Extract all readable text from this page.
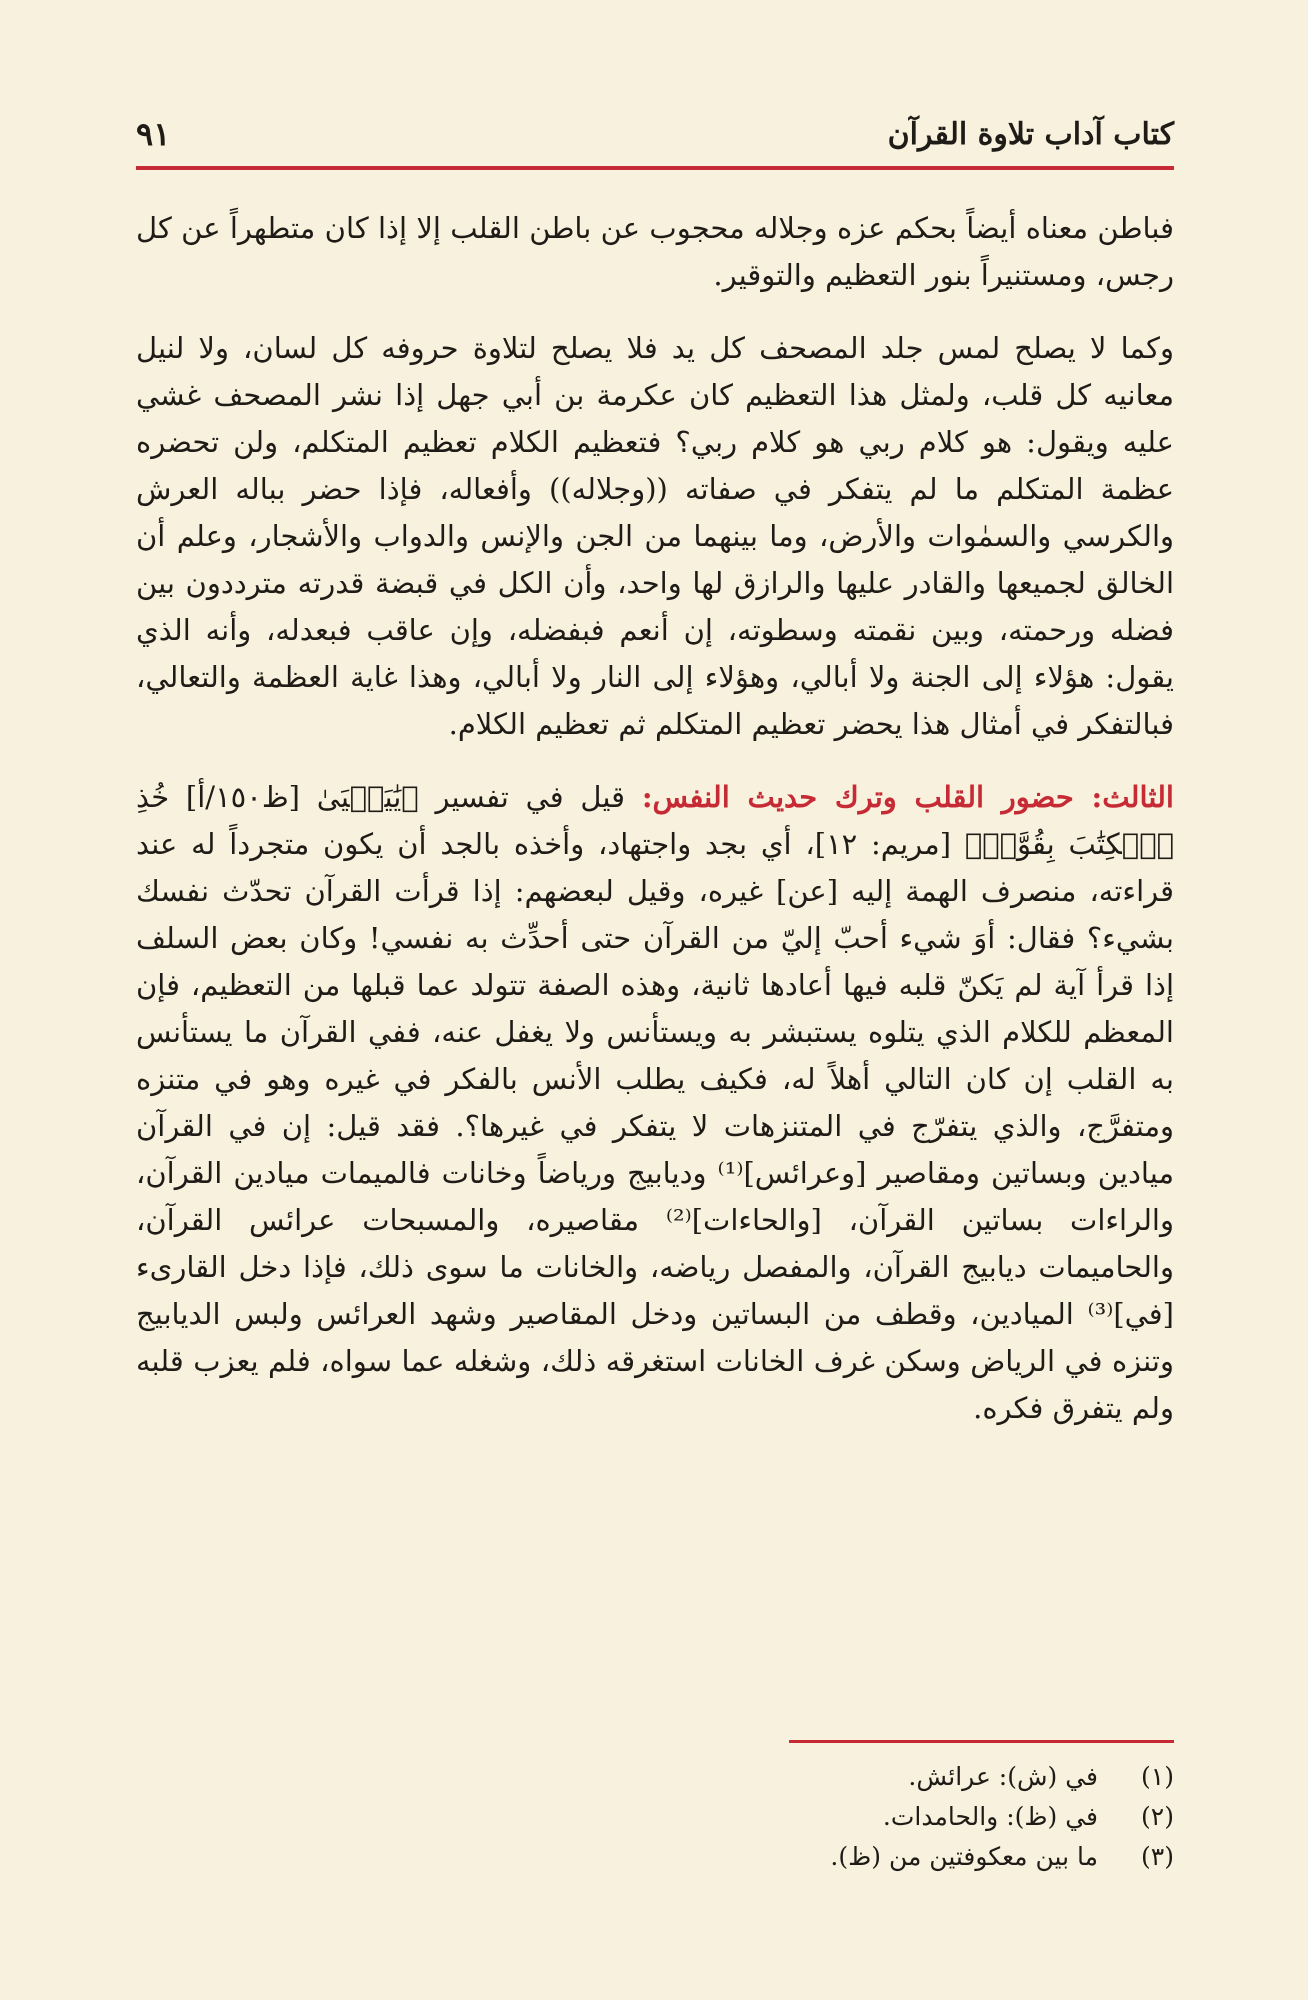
كتاب آداب تلاوة القرآن
٩١

فباطن معناه أيضاً بحكم عزه وجلاله محجوب عن باطن القلب إلا إذا كان متطهراً عن كل رجس، ومستنيراً بنور التعظيم والتوقير.

وكما لا يصلح لمس جلد المصحف كل يد فلا يصلح لتلاوة حروفه كل لسان، ولا لنيل معانيه كل قلب، ولمثل هذا التعظيم كان عكرمة بن أبي جهل إذا نشر المصحف غشي عليه ويقول: هو كلام ربي هو كلام ربي؟ فتعظيم الكلام تعظيم المتكلم، ولن تحضره عظمة المتكلم ما لم يتفكر في صفاته ((وجلاله)) وأفعاله، فإذا حضر بباله العرش والكرسي والسمٰوات والأرض، وما بينهما من الجن والإنس والدواب والأشجار، وعلم أن الخالق لجميعها والقادر عليها والرازق لها واحد، وأن الكل في قبضة قدرته مترددون بين فضله ورحمته، وبين نقمته وسطوته، إن أنعم فبفضله، وإن عاقب فبعدله، وأنه الذي يقول: هؤلاء إلى الجنة ولا أبالي، وهؤلاء إلى النار ولا أبالي، وهذا غاية العظمة والتعالي، فبالتفكر في أمثال هذا يحضر تعظيم المتكلم ثم تعظيم الكلام.

الثالث: حضور القلب وترك حديث النفس: قيل في تفسير ﴿يَٰيَحۡيَىٰ [ظ١٥٠/أ] خُذِ ٱلۡكِتَٰبَ بِقُوَّةٖ﴾ [مريم: ١٢]، أي بجد واجتهاد، وأخذه بالجد أن يكون متجرداً له عند قراءته، منصرف الهمة إليه [عن] غيره، وقيل لبعضهم: إذا قرأت القرآن تحدّث نفسك بشيء؟ فقال: أوَ شيء أحبّ إليّ من القرآن حتى أحدِّث به نفسي! وكان بعض السلف إذا قرأ آية لم يَكنّ قلبه فيها أعادها ثانية، وهذه الصفة تتولد عما قبلها من التعظيم، فإن المعظم للكلام الذي يتلوه يستبشر به ويستأنس ولا يغفل عنه، ففي القرآن ما يستأنس به القلب إن كان التالي أهلاً له، فكيف يطلب الأنس بالفكر في غيره وهو في متنزه ومتفرَّج، والذي يتفرّج في المتنزهات لا يتفكر في غيرها؟. فقد قيل: إن في القرآن ميادين وبساتين ومقاصير [وعرائس]⁽¹⁾ وديابيج ورياضاً وخانات فالميمات ميادين القرآن، والراءات بساتين القرآن، [والحاءات]⁽²⁾ مقاصيره، والمسبحات عرائس القرآن، والحاميمات ديابيج القرآن، والمفصل رياضه، والخانات ما سوى ذلك، فإذا دخل القارىء [في]⁽³⁾ الميادين، وقطف من البساتين ودخل المقاصير وشهد العرائس ولبس الديابيج وتنزه في الرياض وسكن غرف الخانات استغرقه ذلك، وشغله عما سواه، فلم يعزب قلبه ولم يتفرق فكره.

(١)
في (ش): عرائش.
(٢)
في (ظ): والحامدات.
(٣)
ما بين معكوفتين من (ظ).
